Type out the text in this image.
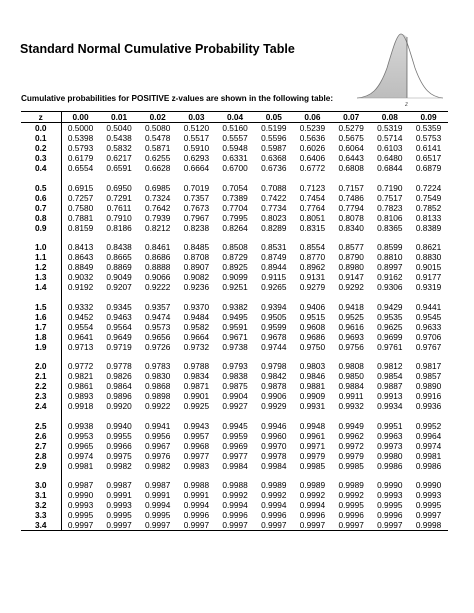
Standard Normal Cumulative Probability Table
z
Cumulative probabilities for POSITIVE z-values are shown in the following table:
z	0.00	0.01	0.02	0.03	0.04	0.05	0.06	0.07	0.08	0.09
0.0	0.5000	0.5040	0.5080	0.5120	0.5160	0.5199	0.5239	0.5279	0.5319	0.5359
0.1	0.5398	0.5438	0.5478	0.5517	0.5557	0.5596	0.5636	0.5675	0.5714	0.5753
0.2	0.5793	0.5832	0.5871	0.5910	0.5948	0.5987	0.6026	0.6064	0.6103	0.6141
0.3	0.6179	0.6217	0.6255	0.6293	0.6331	0.6368	0.6406	0.6443	0.6480	0.6517
0.4	0.6554	0.6591	0.6628	0.6664	0.6700	0.6736	0.6772	0.6808	0.6844	0.6879

0.5	0.6915	0.6950	0.6985	0.7019	0.7054	0.7088	0.7123	0.7157	0.7190	0.7224
0.6	0.7257	0.7291	0.7324	0.7357	0.7389	0.7422	0.7454	0.7486	0.7517	0.7549
0.7	0.7580	0.7611	0.7642	0.7673	0.7704	0.7734	0.7764	0.7794	0.7823	0.7852
0.8	0.7881	0.7910	0.7939	0.7967	0.7995	0.8023	0.8051	0.8078	0.8106	0.8133
0.9	0.8159	0.8186	0.8212	0.8238	0.8264	0.8289	0.8315	0.8340	0.8365	0.8389

1.0	0.8413	0.8438	0.8461	0.8485	0.8508	0.8531	0.8554	0.8577	0.8599	0.8621
1.1	0.8643	0.8665	0.8686	0.8708	0.8729	0.8749	0.8770	0.8790	0.8810	0.8830
1.2	0.8849	0.8869	0.8888	0.8907	0.8925	0.8944	0.8962	0.8980	0.8997	0.9015
1.3	0.9032	0.9049	0.9066	0.9082	0.9099	0.9115	0.9131	0.9147	0.9162	0.9177
1.4	0.9192	0.9207	0.9222	0.9236	0.9251	0.9265	0.9279	0.9292	0.9306	0.9319

1.5	0.9332	0.9345	0.9357	0.9370	0.9382	0.9394	0.9406	0.9418	0.9429	0.9441
1.6	0.9452	0.9463	0.9474	0.9484	0.9495	0.9505	0.9515	0.9525	0.9535	0.9545
1.7	0.9554	0.9564	0.9573	0.9582	0.9591	0.9599	0.9608	0.9616	0.9625	0.9633
1.8	0.9641	0.9649	0.9656	0.9664	0.9671	0.9678	0.9686	0.9693	0.9699	0.9706
1.9	0.9713	0.9719	0.9726	0.9732	0.9738	0.9744	0.9750	0.9756	0.9761	0.9767

2.0	0.9772	0.9778	0.9783	0.9788	0.9793	0.9798	0.9803	0.9808	0.9812	0.9817
2.1	0.9821	0.9826	0.9830	0.9834	0.9838	0.9842	0.9846	0.9850	0.9854	0.9857
2.2	0.9861	0.9864	0.9868	0.9871	0.9875	0.9878	0.9881	0.9884	0.9887	0.9890
2.3	0.9893	0.9896	0.9898	0.9901	0.9904	0.9906	0.9909	0.9911	0.9913	0.9916
2.4	0.9918	0.9920	0.9922	0.9925	0.9927	0.9929	0.9931	0.9932	0.9934	0.9936

2.5	0.9938	0.9940	0.9941	0.9943	0.9945	0.9946	0.9948	0.9949	0.9951	0.9952
2.6	0.9953	0.9955	0.9956	0.9957	0.9959	0.9960	0.9961	0.9962	0.9963	0.9964
2.7	0.9965	0.9966	0.9967	0.9968	0.9969	0.9970	0.9971	0.9972	0.9973	0.9974
2.8	0.9974	0.9975	0.9976	0.9977	0.9977	0.9978	0.9979	0.9979	0.9980	0.9981
2.9	0.9981	0.9982	0.9982	0.9983	0.9984	0.9984	0.9985	0.9985	0.9986	0.9986

3.0	0.9987	0.9987	0.9987	0.9988	0.9988	0.9989	0.9989	0.9989	0.9990	0.9990
3.1	0.9990	0.9991	0.9991	0.9991	0.9992	0.9992	0.9992	0.9992	0.9993	0.9993
3.2	0.9993	0.9993	0.9994	0.9994	0.9994	0.9994	0.9994	0.9995	0.9995	0.9995
3.3	0.9995	0.9995	0.9995	0.9996	0.9996	0.9996	0.9996	0.9996	0.9996	0.9997
3.4	0.9997	0.9997	0.9997	0.9997	0.9997	0.9997	0.9997	0.9997	0.9997	0.9998
